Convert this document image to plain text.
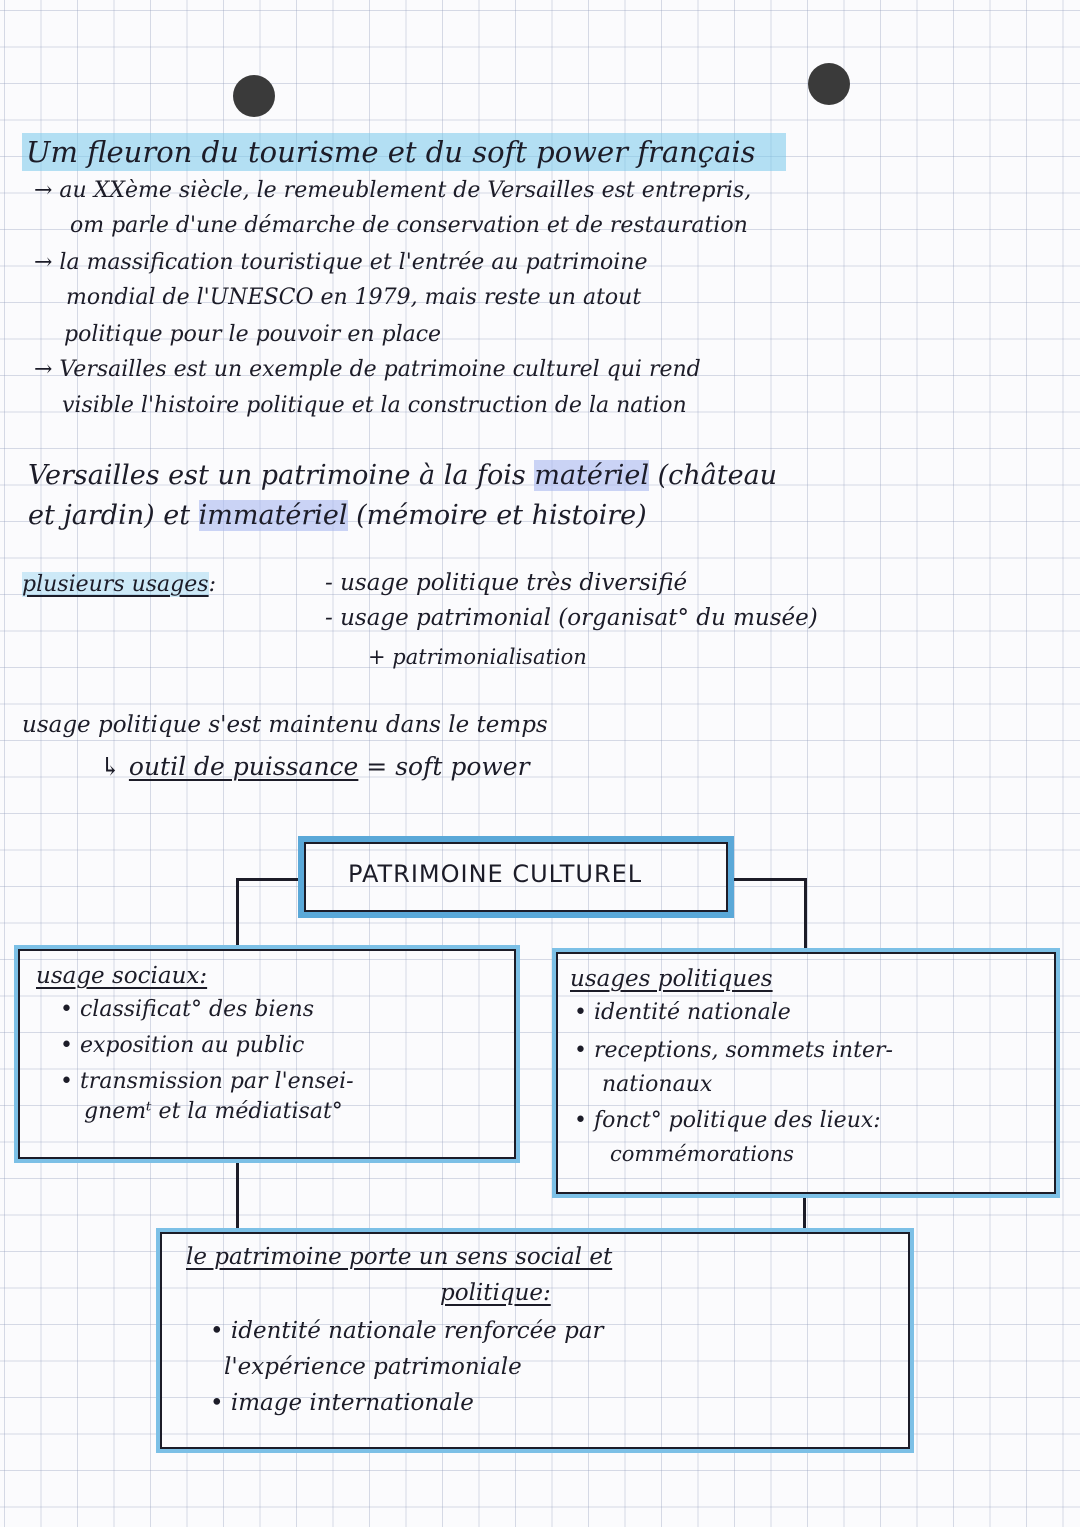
Um fleuron du tourisme et du soft power français
→ au XXème siècle, le remeublement de Versailles est entrepris,
om parle d'une démarche de conservation et de restauration
→ la massification touristique et l'entrée au patrimoine
mondial de l'UNESCO en 1979, mais reste un atout
politique pour le pouvoir en place
→ Versailles est un exemple de patrimoine culturel qui rend
visible l'histoire politique et la construction de la nation
Versailles est un patrimoine à la fois matériel (château
et jardin) et immatériel (mémoire et histoire)
plusieurs usages:	- usage politique très diversifié
- usage patrimonial (organisat° du musée)
+ patrimonialisation
usage politique s'est maintenu dans le temps
↳ outil de puissance = soft power
PATRIMOINE CULTUREL
usage sociaux:
• classificat° des biens
• exposition au public
• transmission par l'ensei-
gnemᵗ et la médiatisat°
usages politiques
• identité nationale
• receptions, sommets inter-
nationaux
• fonct° politique des lieux:
commémorations
le patrimoine porte un sens social et
politique:
• identité nationale renforcée par
l'expérience patrimoniale
• image internationale
